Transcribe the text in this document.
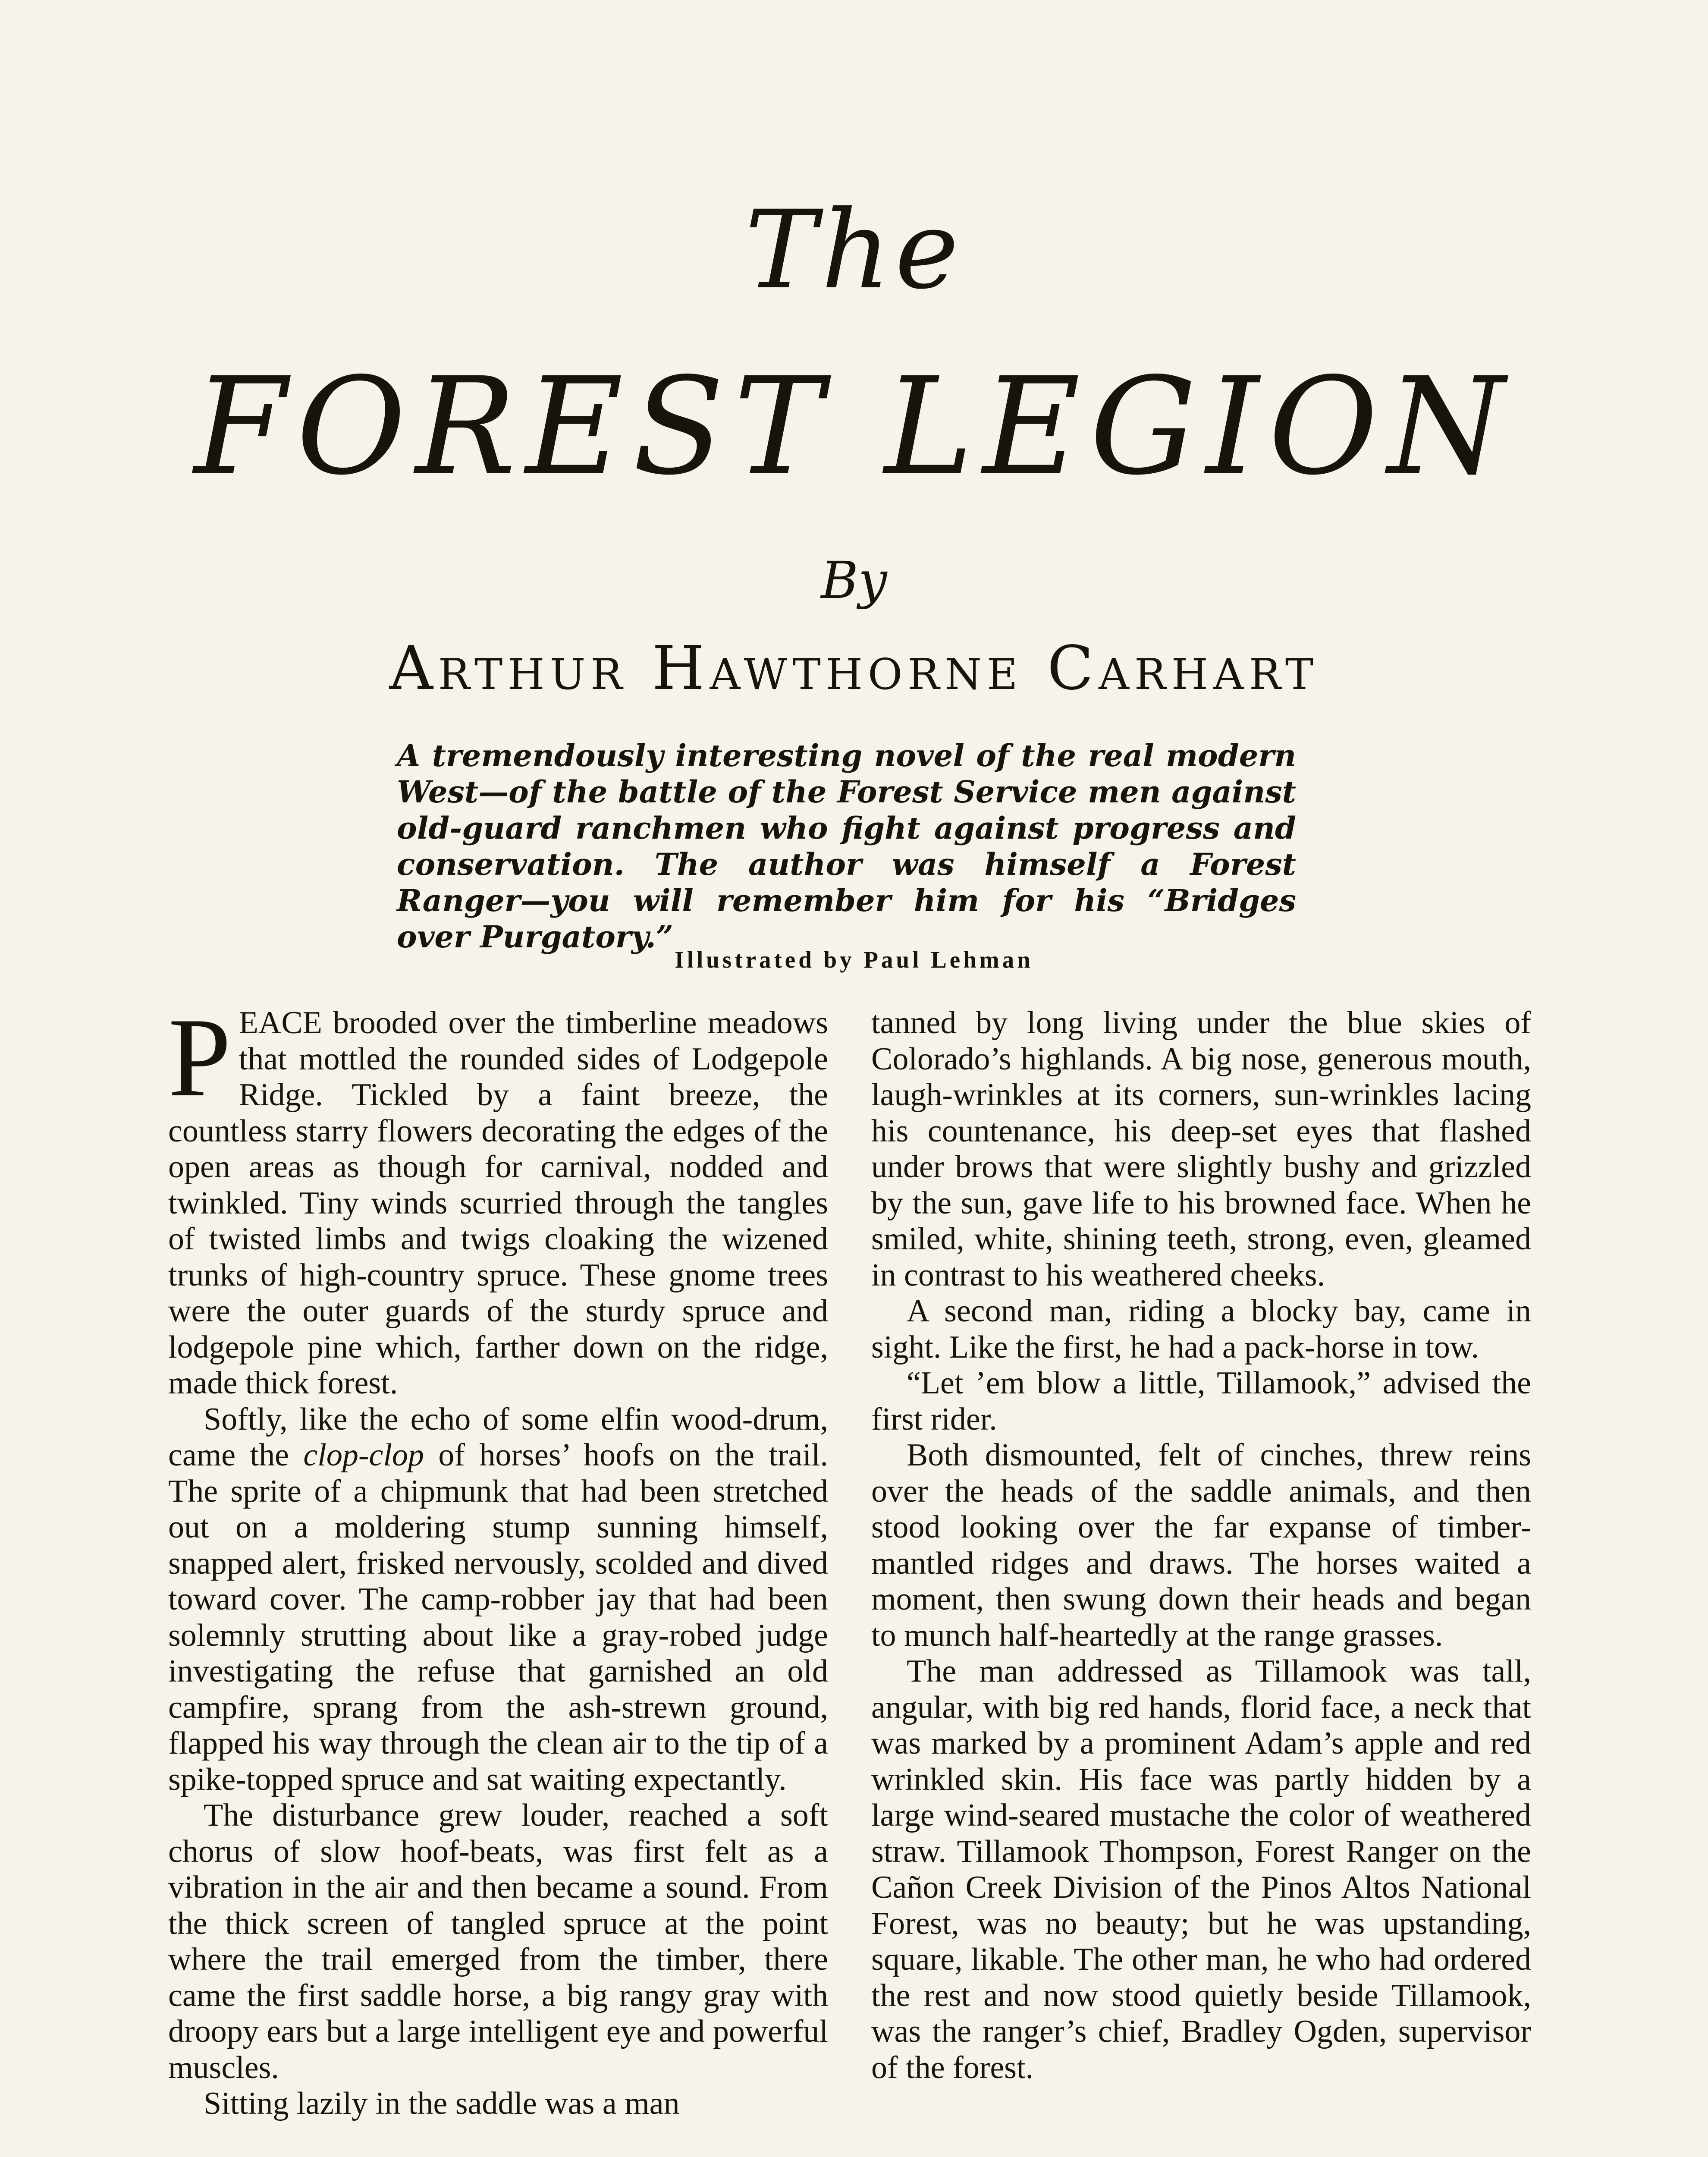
The
FOREST LEGION
By
Arthur Hawthorne Carhart
A tremendously interesting novel of the real modern West—of the battle of the Forest Service men against old-guard ranchmen who fight against progress and conservation. The author was himself a Forest Ranger—you will remember him for his “Bridges over Purgatory.”
Illustrated by Paul Lehman

PEACE brooded over the timberline meadows that mottled the rounded sides of Lodgepole Ridge. Tickled by a faint breeze, the countless starry flowers decorating the edges of the open areas as though for carnival, nodded and twinkled. Tiny winds scurried through the tangles of twisted limbs and twigs cloaking the wizened trunks of high-country spruce. These gnome trees were the outer guards of the sturdy spruce and lodgepole pine which, farther down on the ridge, made thick forest.

Softly, like the echo of some elfin wood-drum, came the clop-clop of horses’ hoofs on the trail. The sprite of a chipmunk that had been stretched out on a moldering stump sunning himself, snapped alert, frisked nervously, scolded and dived toward cover. The camp-robber jay that had been solemnly strutting about like a gray-robed judge investigating the refuse that garnished an old campfire, sprang from the ash-strewn ground, flapped his way through the clean air to the tip of a spike-topped spruce and sat waiting expectantly.

The disturbance grew louder, reached a soft chorus of slow hoof-beats, was first felt as a vibration in the air and then became a sound. From the thick screen of tangled spruce at the point where the trail emerged from the timber, there came the first saddle horse, a big rangy gray with droopy ears but a large intelligent eye and powerful muscles.

Sitting lazily in the saddle was a man

tanned by long living under the blue skies of Colorado’s highlands. A big nose, generous mouth, laugh-wrinkles at its corners, sun-wrinkles lacing his countenance, his deep-set eyes that flashed under brows that were slightly bushy and grizzled by the sun, gave life to his browned face. When he smiled, white, shining teeth, strong, even, gleamed in contrast to his weathered cheeks.

A second man, riding a blocky bay, came in sight. Like the first, he had a pack-horse in tow.

“Let ’em blow a little, Tillamook,” advised the first rider.

Both dismounted, felt of cinches, threw reins over the heads of the saddle animals, and then stood looking over the far expanse of timber-mantled ridges and draws. The horses waited a moment, then swung down their heads and began to munch half-heartedly at the range grasses.

The man addressed as Tillamook was tall, angular, with big red hands, florid face, a neck that was marked by a prominent Adam’s apple and red wrinkled skin. His face was partly hidden by a large wind-seared mustache the color of weathered straw. Tillamook Thompson, Forest Ranger on the Cañon Creek Division of the Pinos Altos National Forest, was no beauty; but he was upstanding, square, likable. The other man, he who had ordered the rest and now stood quietly beside Tillamook, was the ranger’s chief, Bradley Ogden, supervisor of the forest.
